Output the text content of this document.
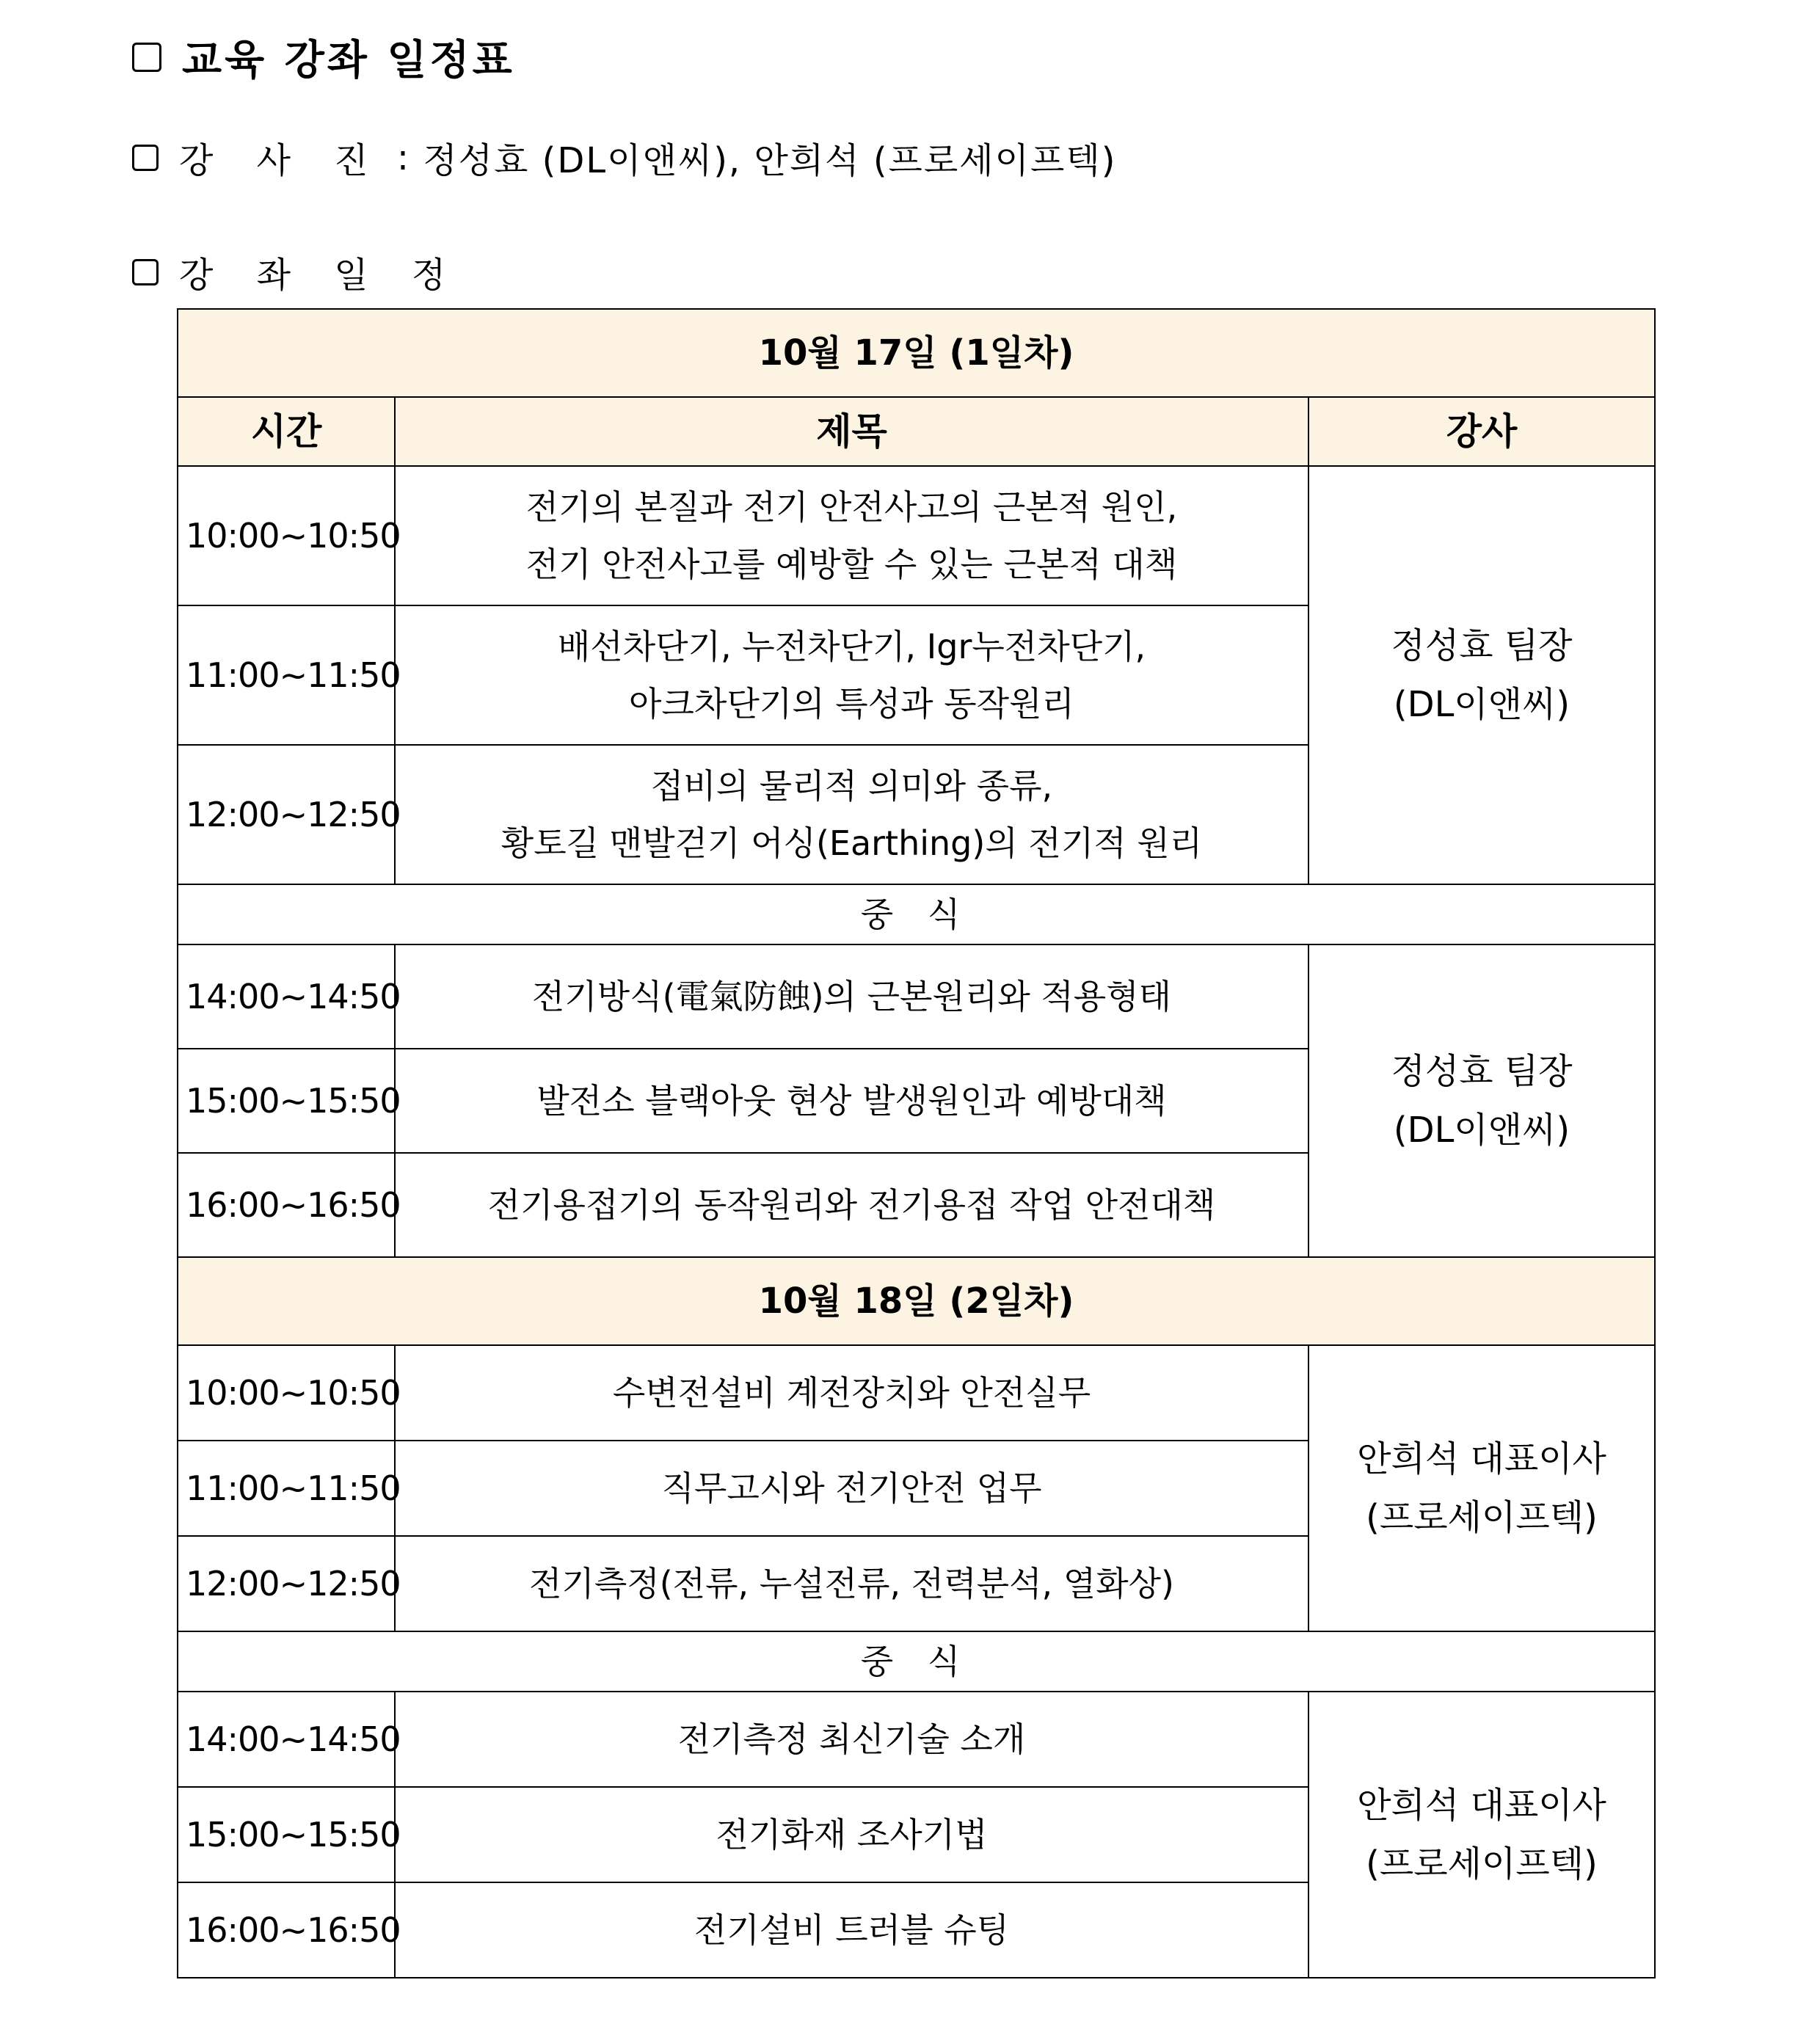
교육 강좌 일정표
강 사 진 : 정성효 (DL이앤씨), 안희석 (프로세이프텍)
강 좌 일 정
10월 17일 (1일차)		
시간	제목	강사
10:00~10:50	전기의 본질과 전기 안전사고의 근본적 원인,
전기 안전사고를 예방할 수 있는 근본적 대책	정성효 팀장
(DL이앤씨)

11:00~11:50	배선차단기, 누전차단기, Igr누전차단기,
아크차단기의 특성과 동작원리	

12:00~12:50	접비의 물리적 의미와 종류,
황토길 맨발걷기 어싱(Earthing)의 전기적 원리	

중 식		
14:00~14:50	전기방식(電氣防蝕)의 근본원리와 적용형태	정성효 팀장
(DL이앤씨)

15:00~15:50	발전소 블랙아웃 현상 발생원인과 예방대책	
16:00~16:50	전기용접기의 동작원리와 전기용접 작업 안전대책	
10월 18일 (2일차)		
10:00~10:50	수변전설비 계전장치와 안전실무	안희석 대표이사
(프로세이프텍)

11:00~11:50	직무고시와 전기안전 업무	
12:00~12:50	전기측정(전류, 누설전류, 전력분석, 열화상)	
중 식		
14:00~14:50	전기측정 최신기술 소개	안희석 대표이사
(프로세이프텍)

15:00~15:50	전기화재 조사기법	
16:00~16:50	전기설비 트러블 슈팅	
